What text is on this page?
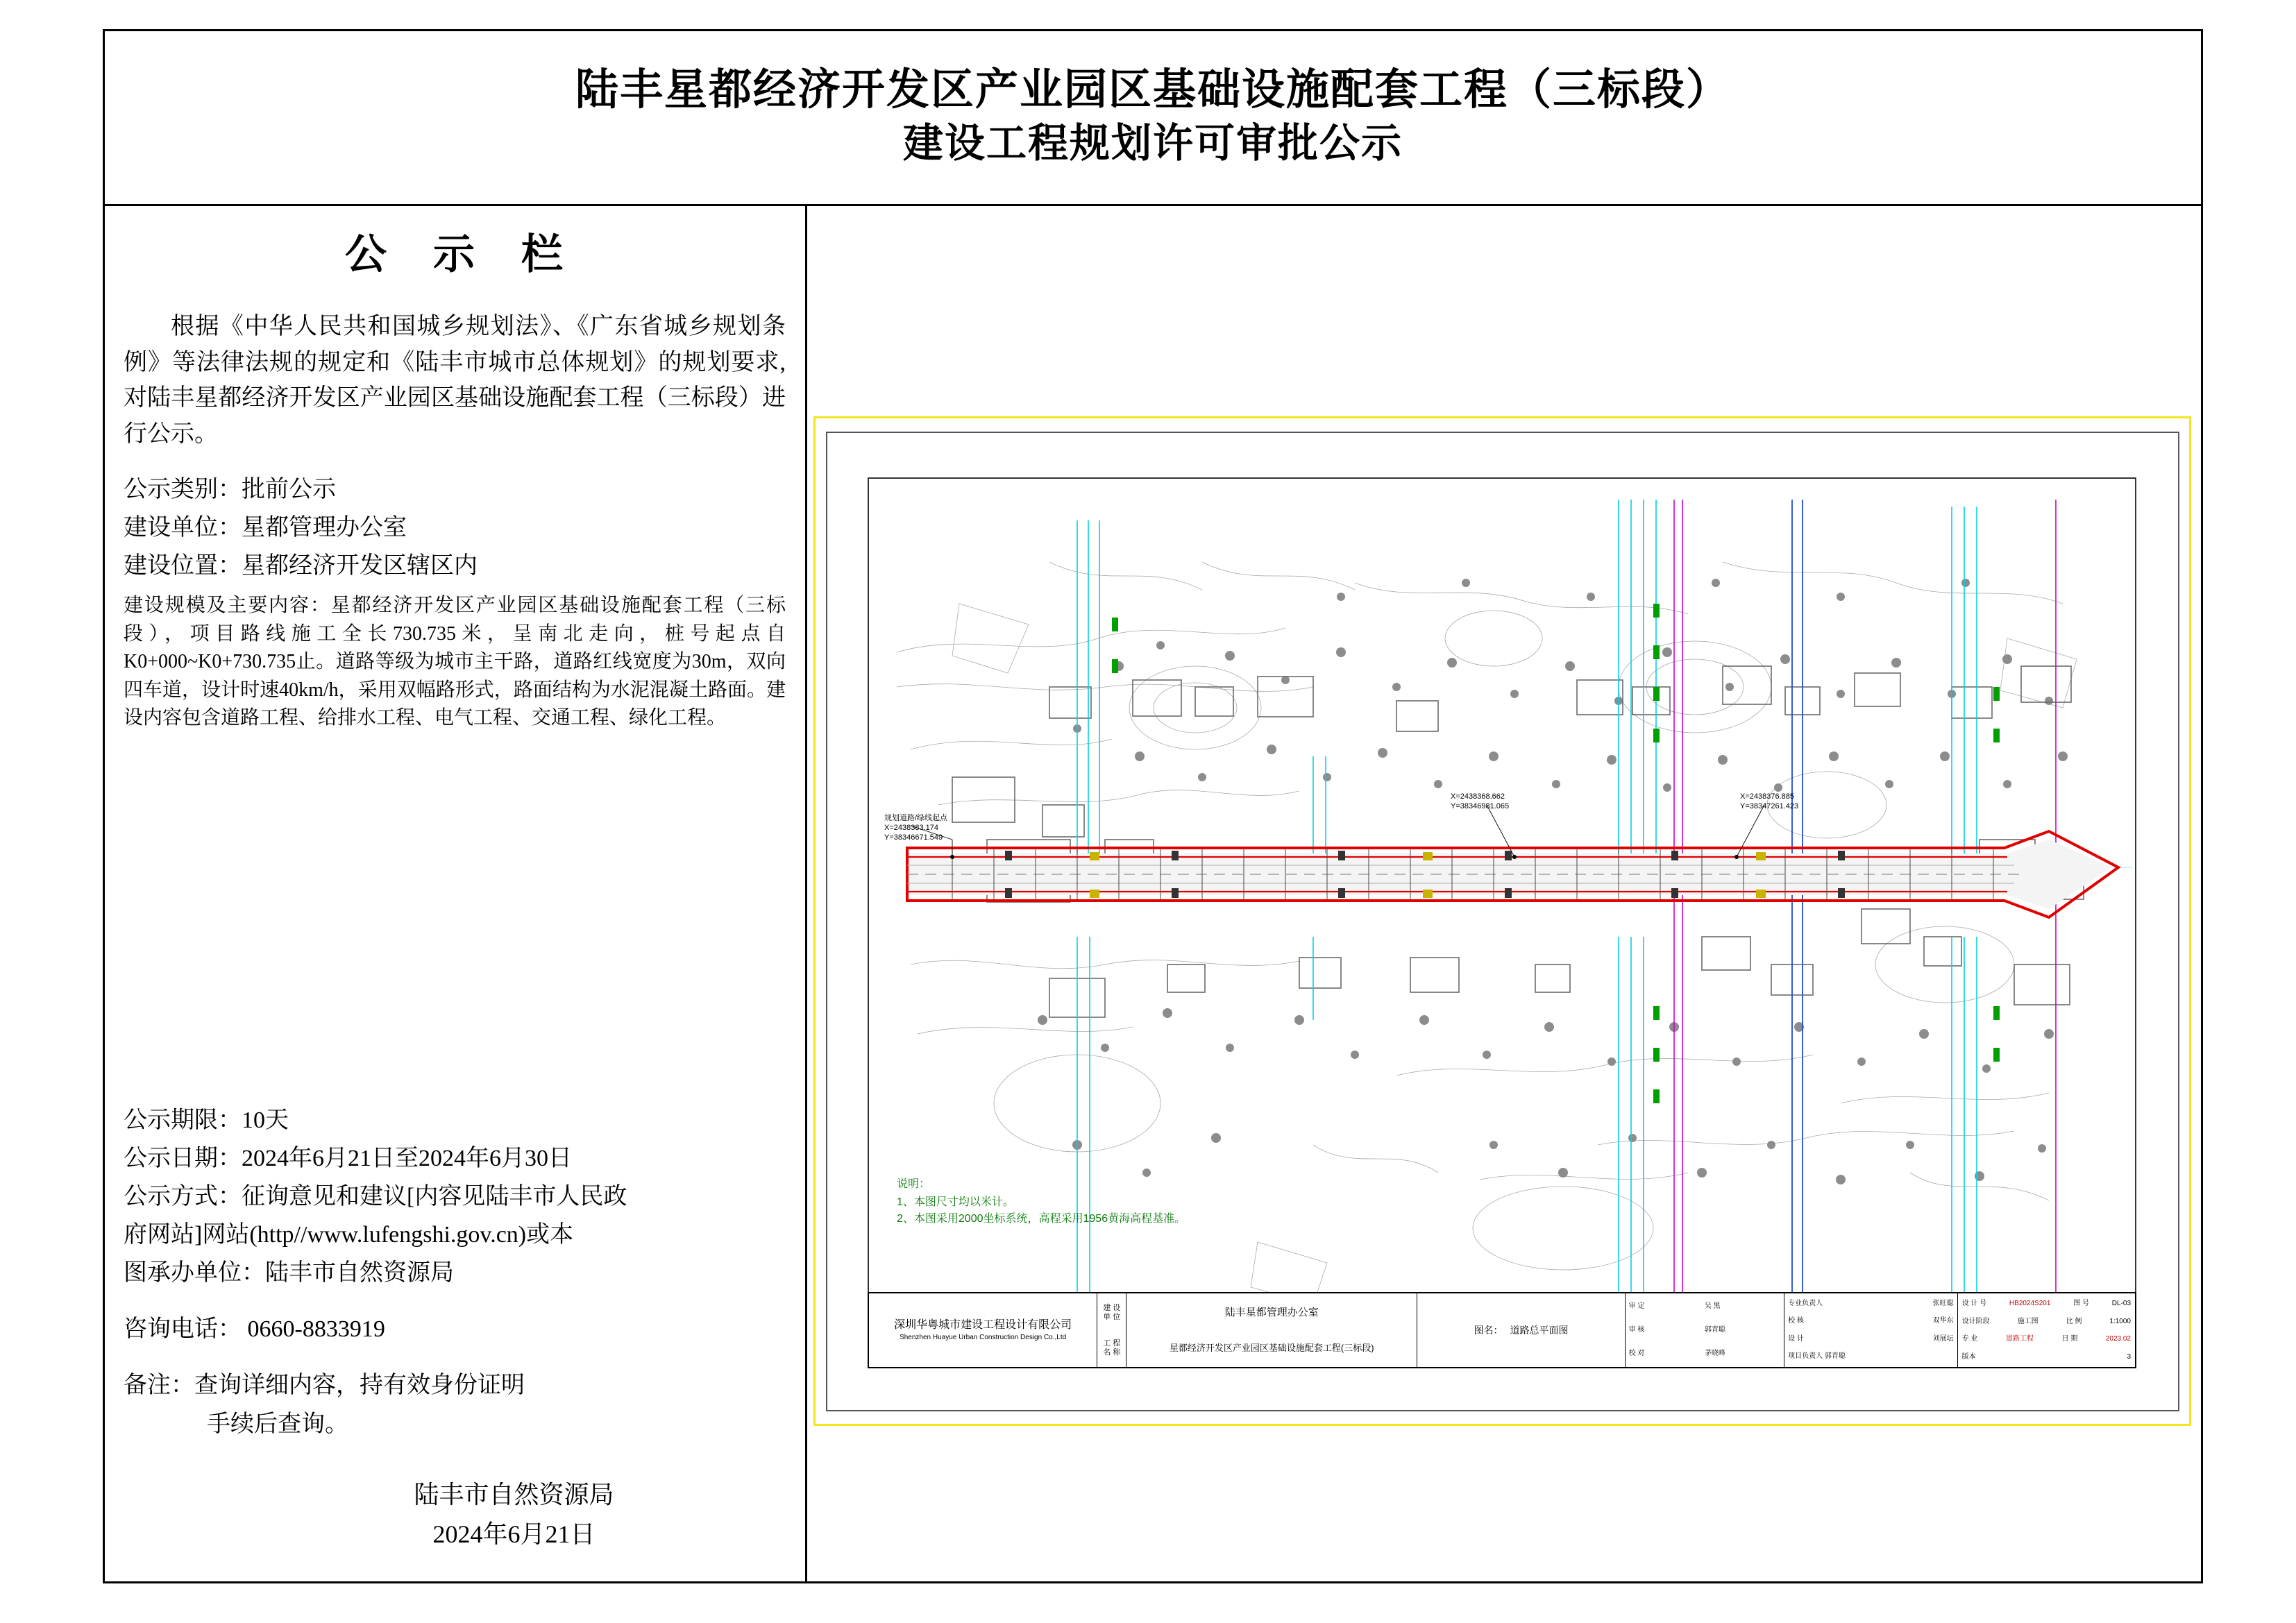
陆丰星都经济开发区产业园区基础设施配套工程（三标段）
建设工程规划许可审批公示
公 示 栏
根据《中华人民共和国城乡规划法》、《广东省城乡规划条例》等法律法规的规定和《陆丰市城市总体规划》的规划要求,对陆丰星都经济开发区产业园区基础设施配套工程（三标段）进行公示。
公示类别：批前公示
建设单位：星都管理办公室
建设位置：星都经济开发区辖区内
建设规模及主要内容：星都经济开发区产业园区基础设施配套工程（三标段），项目路线施工全长730.735米，呈南北走向，桩号起点自K0+000~K0+730.735止。道路等级为城市主干路，道路红线宽度为30m，双向四车道，设计时速40km/h，采用双幅路形式，路面结构为水泥混凝土路面。建设内容包含道路工程、给排水工程、电气工程、交通工程、绿化工程。
公示期限：10天
公示日期：2024年6月21日至2024年6月30日
公示方式：征询意见和建议[内容见陆丰市人民政
府网站]网站(http//www.lufengshi.gov.cn)或本
图承办单位：陆丰市自然资源局
咨询电话： 0660-8833919
备注：查询详细内容，持有效身份证明
手续后查询。
陆丰市自然资源局
2024年6月21日
规划道路/绿线起点
X=2438383.174
Y=38346671.549
X=2438368.662
Y=38346981.065
X=2438376.885
Y=38347261.423
说明：
1、本图尺寸均以米计。
2、本图采用2000坐标系统，高程采用1956黄海高程基准。
深圳华粤城市建设工程设计有限公司
Shenzhen Huayue Urban Construction Design Co.,Ltd
建 设 单 位
工 程 名 称
陆丰星都管理办公室
星都经济开发区产业园区基础设施配套工程(三标段)
图名： 道路总平面图
审 定	吴 黑
审 核	郭青聪
校 对	茅晓峰
专业负责人	张旺聪
校 核	双华东
设 计	刘展坛
项目负责人 郭青聪
设 计 号	HB2024S201	图 号	DL-03
设计阶段	施工图	比 例	1:1000
专 业	道路工程	日 期	2023.02
版本	3
